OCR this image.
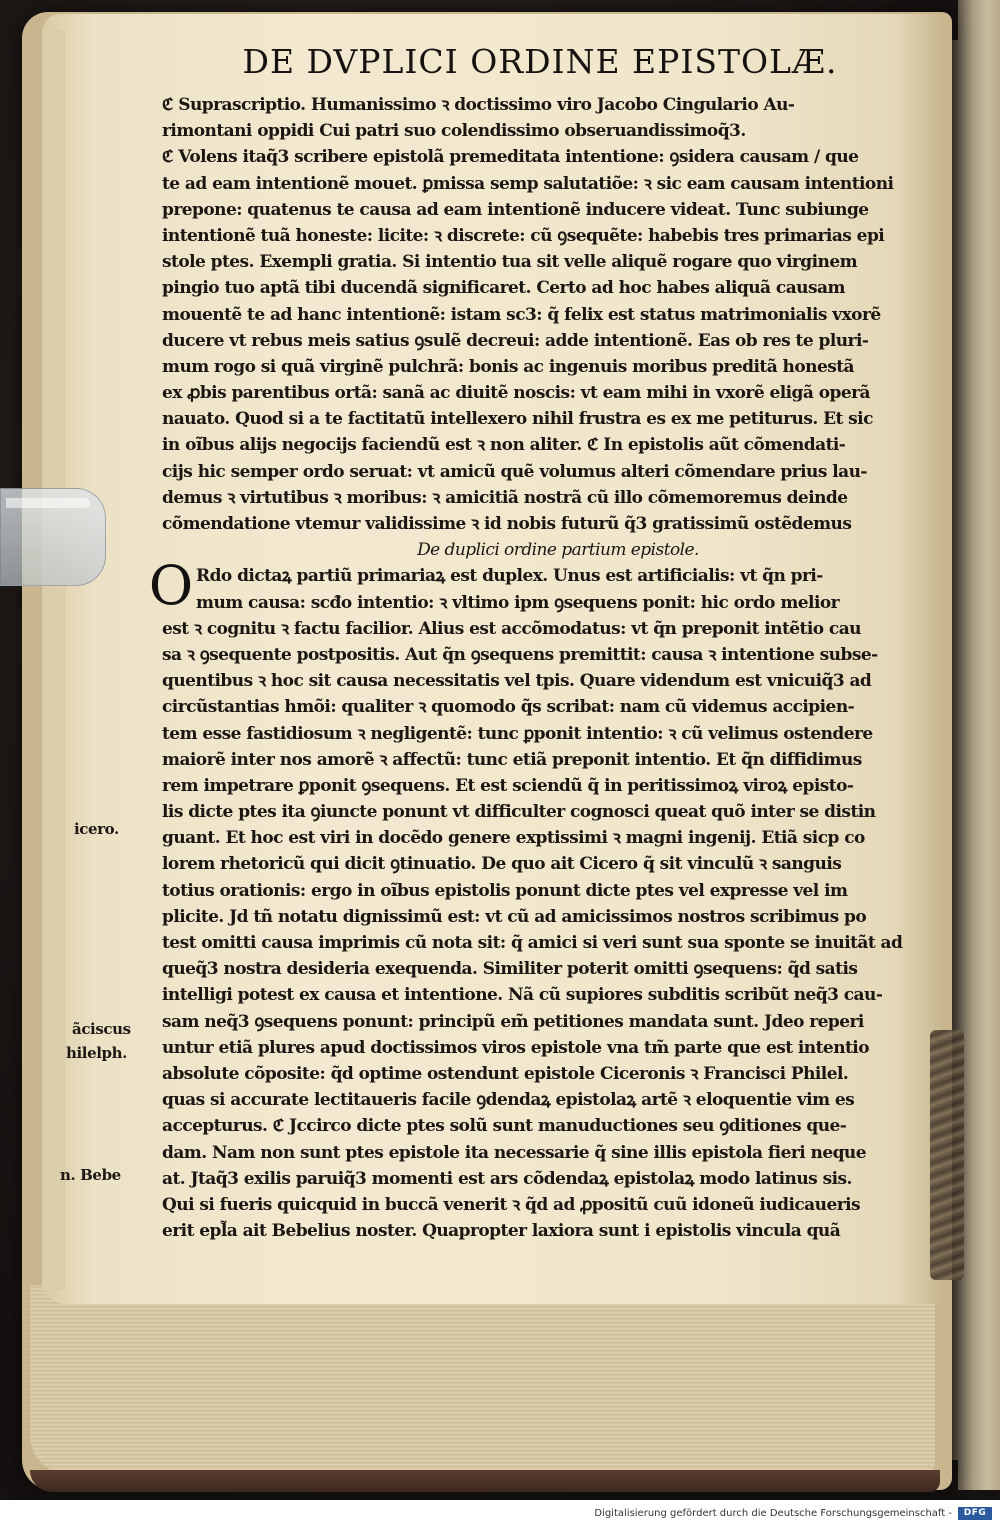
DE DVPLICI ORDINE EPISTOLÆ.
O
ℭ Suprascriptio. Humanissimo ꝛ doctissimo viro Jacobo Cingulario Au-
rimontani oppidi Cui patri suo colendissimo obseruandissimoq̃3.
ℭ Volens itaq̃3 scribere epistolã premeditata intentione: ꝯsidera causam / que
te ad eam intentionẽ mouet. ꝑmissa semp salutatiõe: ꝛ sic eam causam intentioni
prepone: quatenus te causa ad eam intentionẽ inducere videat. Tunc subiunge
intentionẽ tuã honeste: licite: ꝛ discrete: cũ ꝯsequẽte: habebis tres primarias epi
stole ptes. Exempli gratia. Si intentio tua sit velle aliquẽ rogare quo virginem
pingio tuo aptã tibi ducendã significaret. Certo ad hoc habes aliquã causam
mouentẽ te ad hanc intentionẽ: istam sc3: q̃ felix est status matrimonialis vxorẽ
ducere vt rebus meis satius ꝯsulẽ decreui: adde intentionẽ. Eas ob res te pluri-
mum rogo si quã virginẽ pulchrã: bonis ac ingenuis moribus preditã honestã
ex ꝓbis parentibus ortã: sanã ac diuitẽ noscis: vt eam mihi in vxorẽ eligã operã
nauato. Quod si a te factitatũ intellexero nihil frustra es ex me petiturus. Et sic
in oĩbus alijs negocijs faciendũ est ꝛ non aliter. ℭ In epistolis aũt cõmendati-
cijs hic semper ordo seruat: vt amicũ quẽ volumus alteri cõmendare prius lau-
demus ꝛ virtutibus ꝛ moribus: ꝛ amicitiã nostrã cũ illo cõmemoremus deinde
cõmendatione vtemur validissime ꝛ id nobis futurũ q̃3 gratissimũ ostẽdemus
De duplici ordine partium epistole.
Rdo dictaꝝ partiũ primariaꝝ est duplex. Unus est artificialis: vt q̃n pri-
mum causa: scđo intentio: ꝛ vltimo ipm ꝯsequens ponit: hic ordo melior
est ꝛ cognitu ꝛ factu facilior. Alius est accõmodatus: vt q̃n preponit intẽtio cau
sa ꝛ ꝯsequente postpositis. Aut q̃n ꝯsequens premittit: causa ꝛ intentione subse-
quentibus ꝛ hoc sit causa necessitatis vel tpis. Quare videndum est vnicuiq̃3 ad
circũstantias hmõi: qualiter ꝛ quomodo q̃s scribat: nam cũ videmus accipien-
tem esse fastidiosum ꝛ negligentẽ: tunc ꝑponit intentio: ꝛ cũ velimus ostendere
maiorẽ inter nos amorẽ ꝛ affectũ: tunc etiã preponit intentio. Et q̃n diffidimus
rem impetrare ꝑponit ꝯsequens. Et est sciendũ q̃ in peritissimoꝝ viroꝝ episto-
lis dicte ptes ita ꝯiuncte ponunt vt difficulter cognosci queat quõ inter se distin
guant. Et hoc est viri in docẽdo genere exptissimi ꝛ magni ingenij. Etiã sicp co
lorem rhetoricũ qui dicit ꝯtinuatio. De quo ait Cicero q̃ sit vinculũ ꝛ sanguis
totius orationis: ergo in oĩbus epistolis ponunt dicte ptes vel expresse vel im
plicite. Jd tñ notatu dignissimũ est: vt cũ ad amicissimos nostros scribimus po
test omitti causa imprimis cũ nota sit: q̃ amici si veri sunt sua sponte se inuitãt ad
queq̃3 nostra desideria exequenda. Similiter poterit omitti ꝯsequens: q̃d satis
intelligi potest ex causa et intentione. Nã cũ supiores subditis scribũt neq̃3 cau-
sam neq̃3 ꝯsequens ponunt: principũ em̃ petitiones mandata sunt. Jdeo reperi
untur etiã plures apud doctissimos viros epistole vna tm̃ parte que est intentio
absolute cõposite: q̃d optime ostendunt epistole Ciceronis ꝛ Francisci Philel.
quas si accurate lectitaueris facile ꝯdendaꝝ epistolaꝝ artẽ ꝛ eloquentie vim es
accepturus. ℭ Jccirco dicte ptes solũ sunt manuductiones seu ꝯditiones que-
dam. Nam non sunt ptes epistole ita necessarie q̃ sine illis epistola fieri neque
at. Jtaq̃3 exilis paruiq̃3 momenti est ars cõdendaꝝ epistolaꝝ modo latinus sis.
Qui si fueris quicquid in buccã venerit ꝛ q̃d ad ꝓpositũ cuũ idoneũ iudicaueris
erit epl̃a ait Bebelius noster. Quapropter laxiora sunt i epistolis vincula quã
icero.
ãciscus
hilelph.
n. Bebe
Digitalisierung gefördert durch die Deutsche Forschungsgemeinschaft -	DFG
